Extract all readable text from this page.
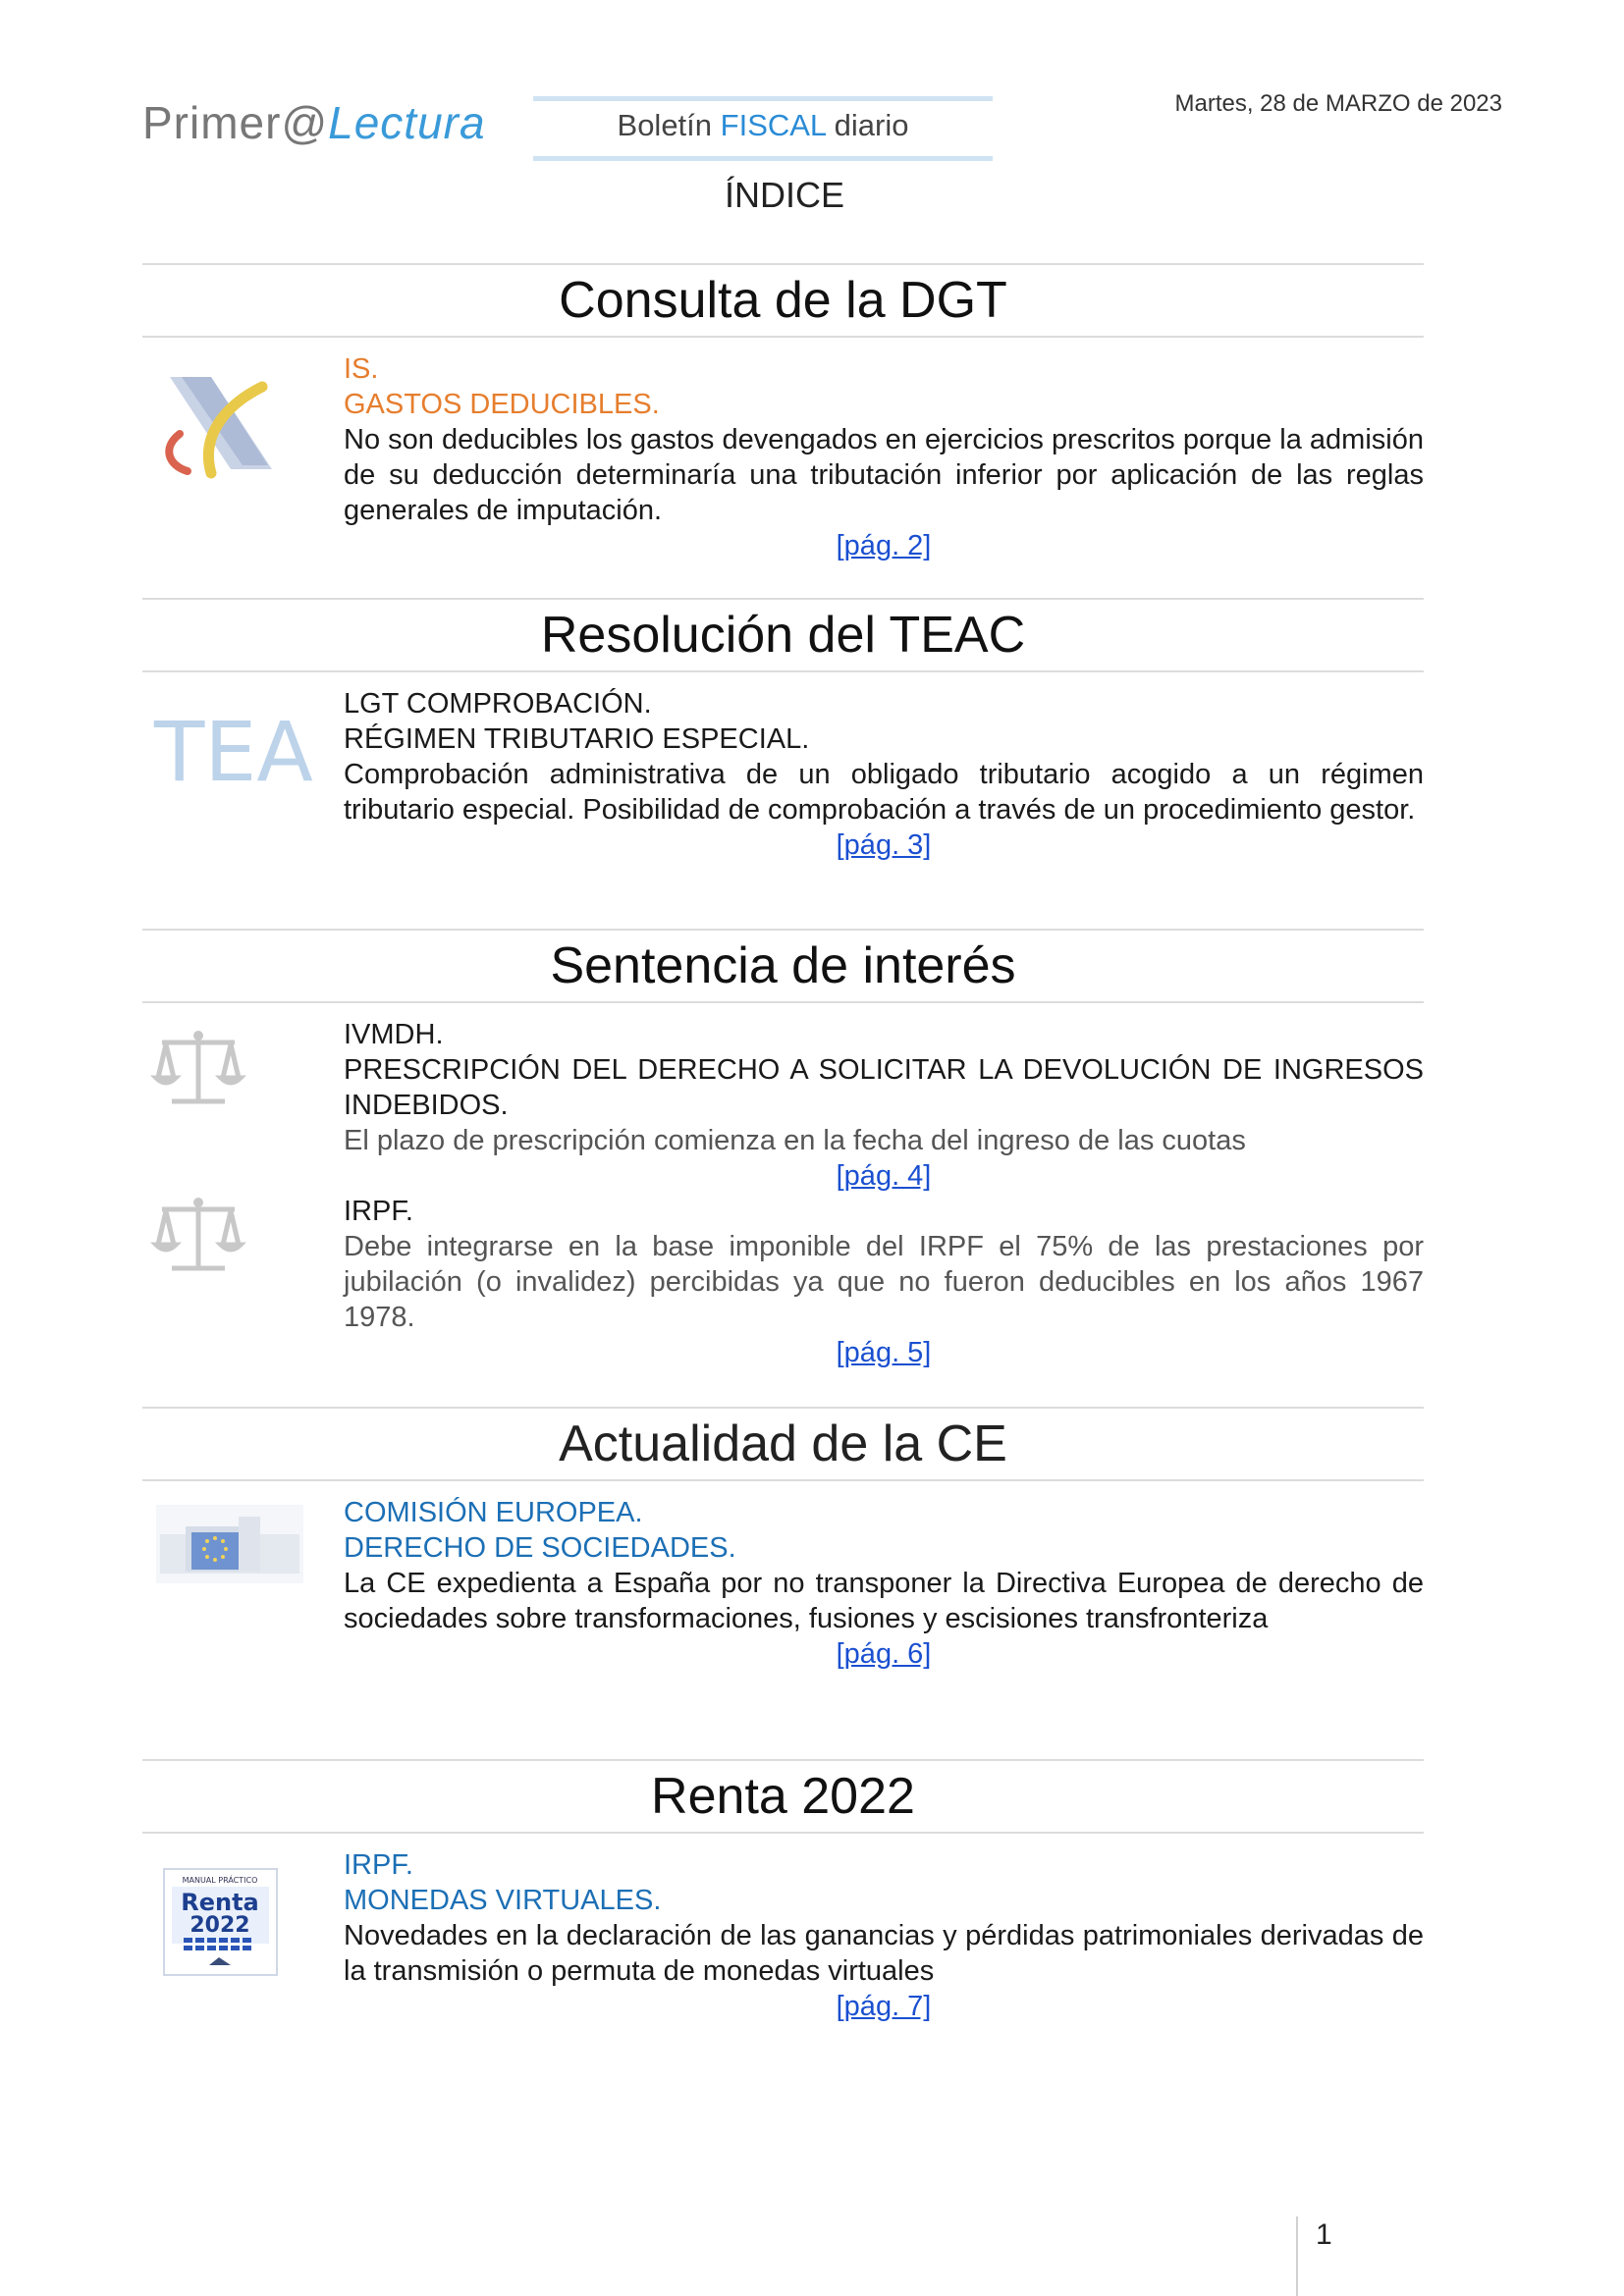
Primer@Lectura	Boletín FISCAL diario
Martes, 28 de MARZO de 2023
ÍNDICE
Consulta de la DGT
IS.
GASTOS DEDUCIBLES.
No son deducibles los gastos devengados en ejercicios prescritos porque la admisión de su deducción determinaría una tributación inferior por aplicación de las reglas generales de imputación.
[pág. 2]
Resolución del TEAC
TEA LGT COMPROBACIÓN.
RÉGIMEN TRIBUTARIO ESPECIAL.
Comprobación administrativa de un obligado tributario acogido a un régimen tributario especial. Posibilidad de comprobación a través de un procedimiento gestor.
[pág. 3]
Sentencia de interés
IVMDH.
PRESCRIPCIÓN DEL DERECHO A SOLICITAR LA DEVOLUCIÓN DE INGRESOS INDEBIDOS.
El plazo de prescripción comienza en la fecha del ingreso de las cuotas
[pág. 4]
IRPF.
Debe integrarse en la base imponible del IRPF el 75% de las prestaciones por jubilación (o invalidez) percibidas ya que no fueron deducibles en los años 1967 1978.
[pág. 5]
Actualidad de la CE
COMISIÓN EUROPEA.
DERECHO DE SOCIEDADES.
La CE expedienta a España por no transponer la Directiva Europea de derecho de sociedades sobre transformaciones, fusiones y escisiones transfronteriza
[pág. 6]
Renta 2022
MANUAL PRÁCTICO
Renta
2022
IRPF.
MONEDAS VIRTUALES.
Novedades en la declaración de las ganancias y pérdidas patrimoniales derivadas de la transmisión o permuta de monedas virtuales
[pág. 7]
1
